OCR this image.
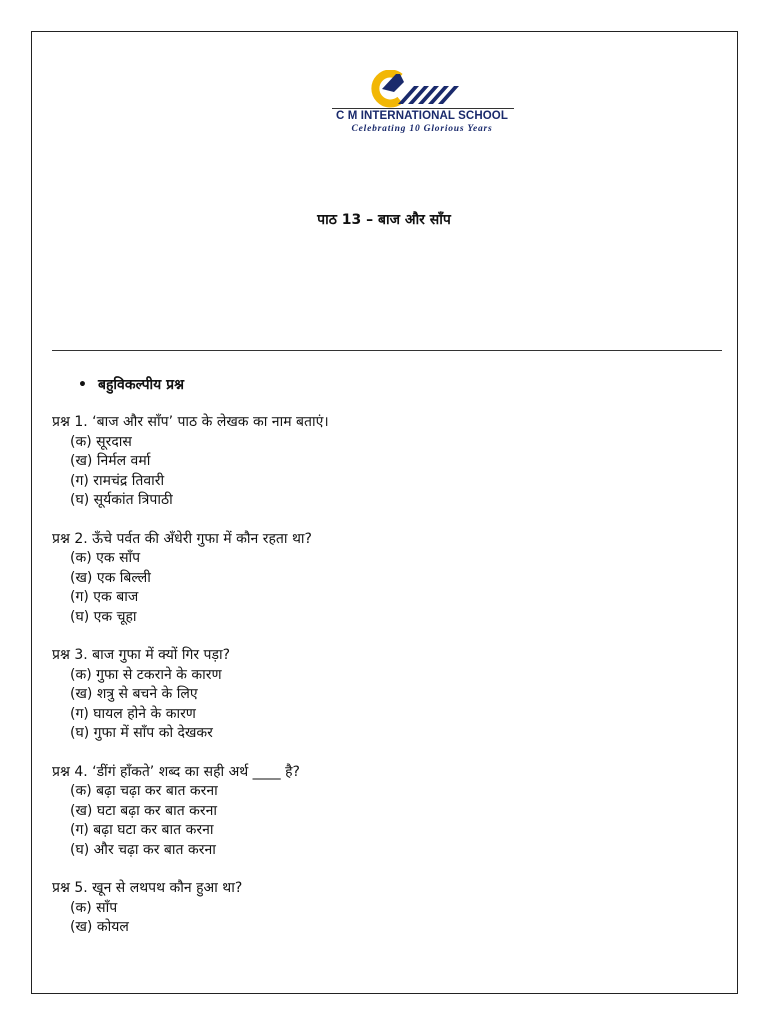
C M INTERNATIONAL SCHOOL
Celebrating 10 Glorious Years
पाठ 13 – बाज और साँप
• बहुविकल्पीय प्रश्न
प्रश्न 1. ‘बाज और साँप’ पाठ के लेखक का नाम बताएं।
(क) सूरदास
(ख) निर्मल वर्मा
(ग) रामचंद्र तिवारी
(घ) सूर्यकांत त्रिपाठी
प्रश्न 2. ऊँचे पर्वत की अँधेरी गुफा में कौन रहता था?
(क) एक साँप
(ख) एक बिल्ली
(ग) एक बाज
(घ) एक चूहा
प्रश्न 3. बाज गुफा में क्यों गिर पड़ा?
(क) गुफा से टकराने के कारण
(ख) शत्रु से बचने के लिए
(ग) घायल होने के कारण
(घ) गुफा में साँप को देखकर
प्रश्न 4. ‘डींगं हाँकते’ शब्द का सही अर्थ ____ है?
(क) बढ़ा चढ़ा कर बात करना
(ख) घटा बढ़ा कर बात करना
(ग) बढ़ा घटा कर बात करना
(घ) और चढ़ा कर बात करना
प्रश्न 5. खून से लथपथ कौन हुआ था?
(क) साँप
(ख) कोयल
